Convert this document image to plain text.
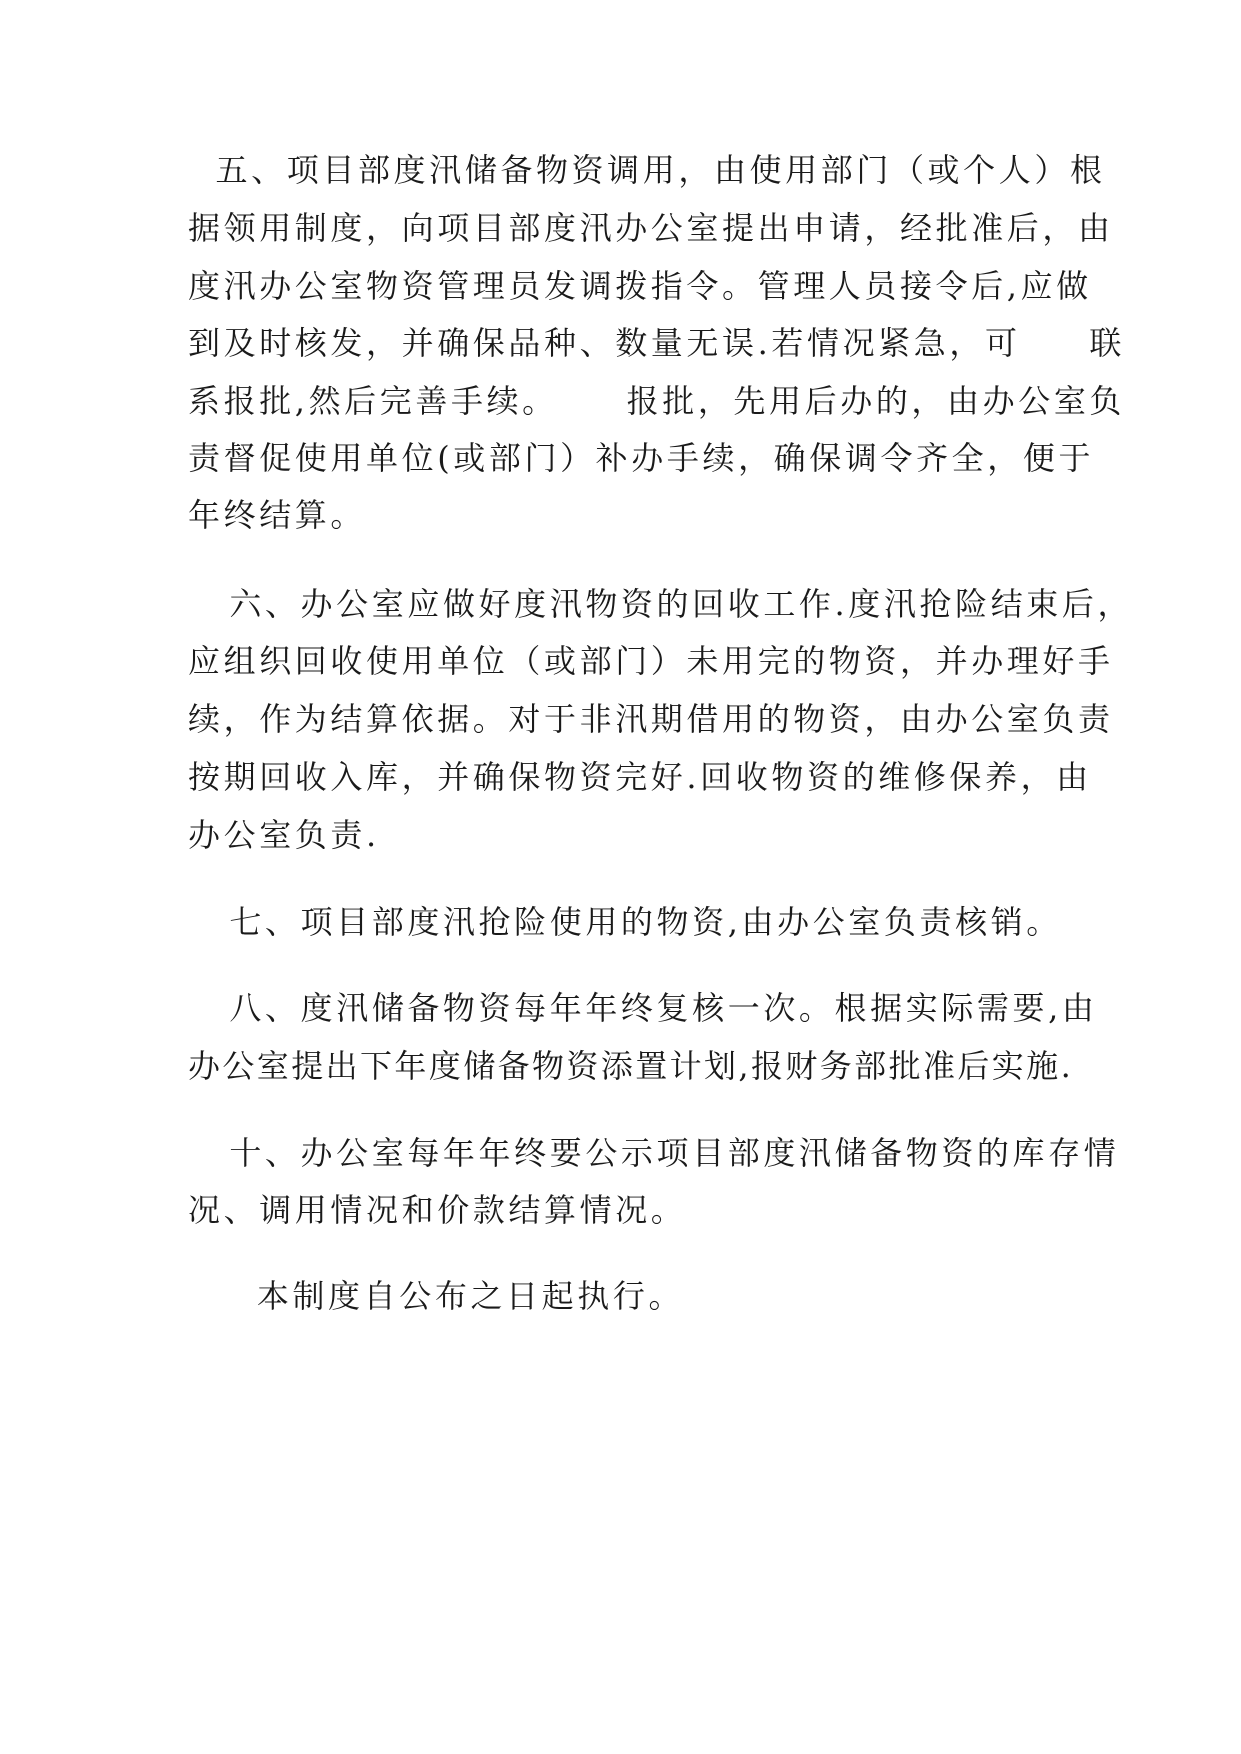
五、项目部度汛储备物资调用，由使用部门（或个人）根
据领用制度，向项目部度汛办公室提出申请，经批准后，由
度汛办公室物资管理员发调拨指令。管理人员接令后,应做
到及时核发，并确保品种、数量无误.若情况紧急，可     联
系报批,然后完善手续。     报批，先用后办的，由办公室负
责督促使用单位(或部门）补办手续，确保调令齐全，便于
年终结算。
六、办公室应做好度汛物资的回收工作.度汛抢险结束后，
应组织回收使用单位（或部门）未用完的物资，并办理好手
续，作为结算依据。对于非汛期借用的物资，由办公室负责
按期回收入库，并确保物资完好.回收物资的维修保养，由
办公室负责.
七、项目部度汛抢险使用的物资,由办公室负责核销。
八、度汛储备物资每年年终复核一次。根据实际需要,由
办公室提出下年度储备物资添置计划,报财务部批准后实施.
十、办公室每年年终要公示项目部度汛储备物资的库存情
况、调用情况和价款结算情况。
本制度自公布之日起执行。
